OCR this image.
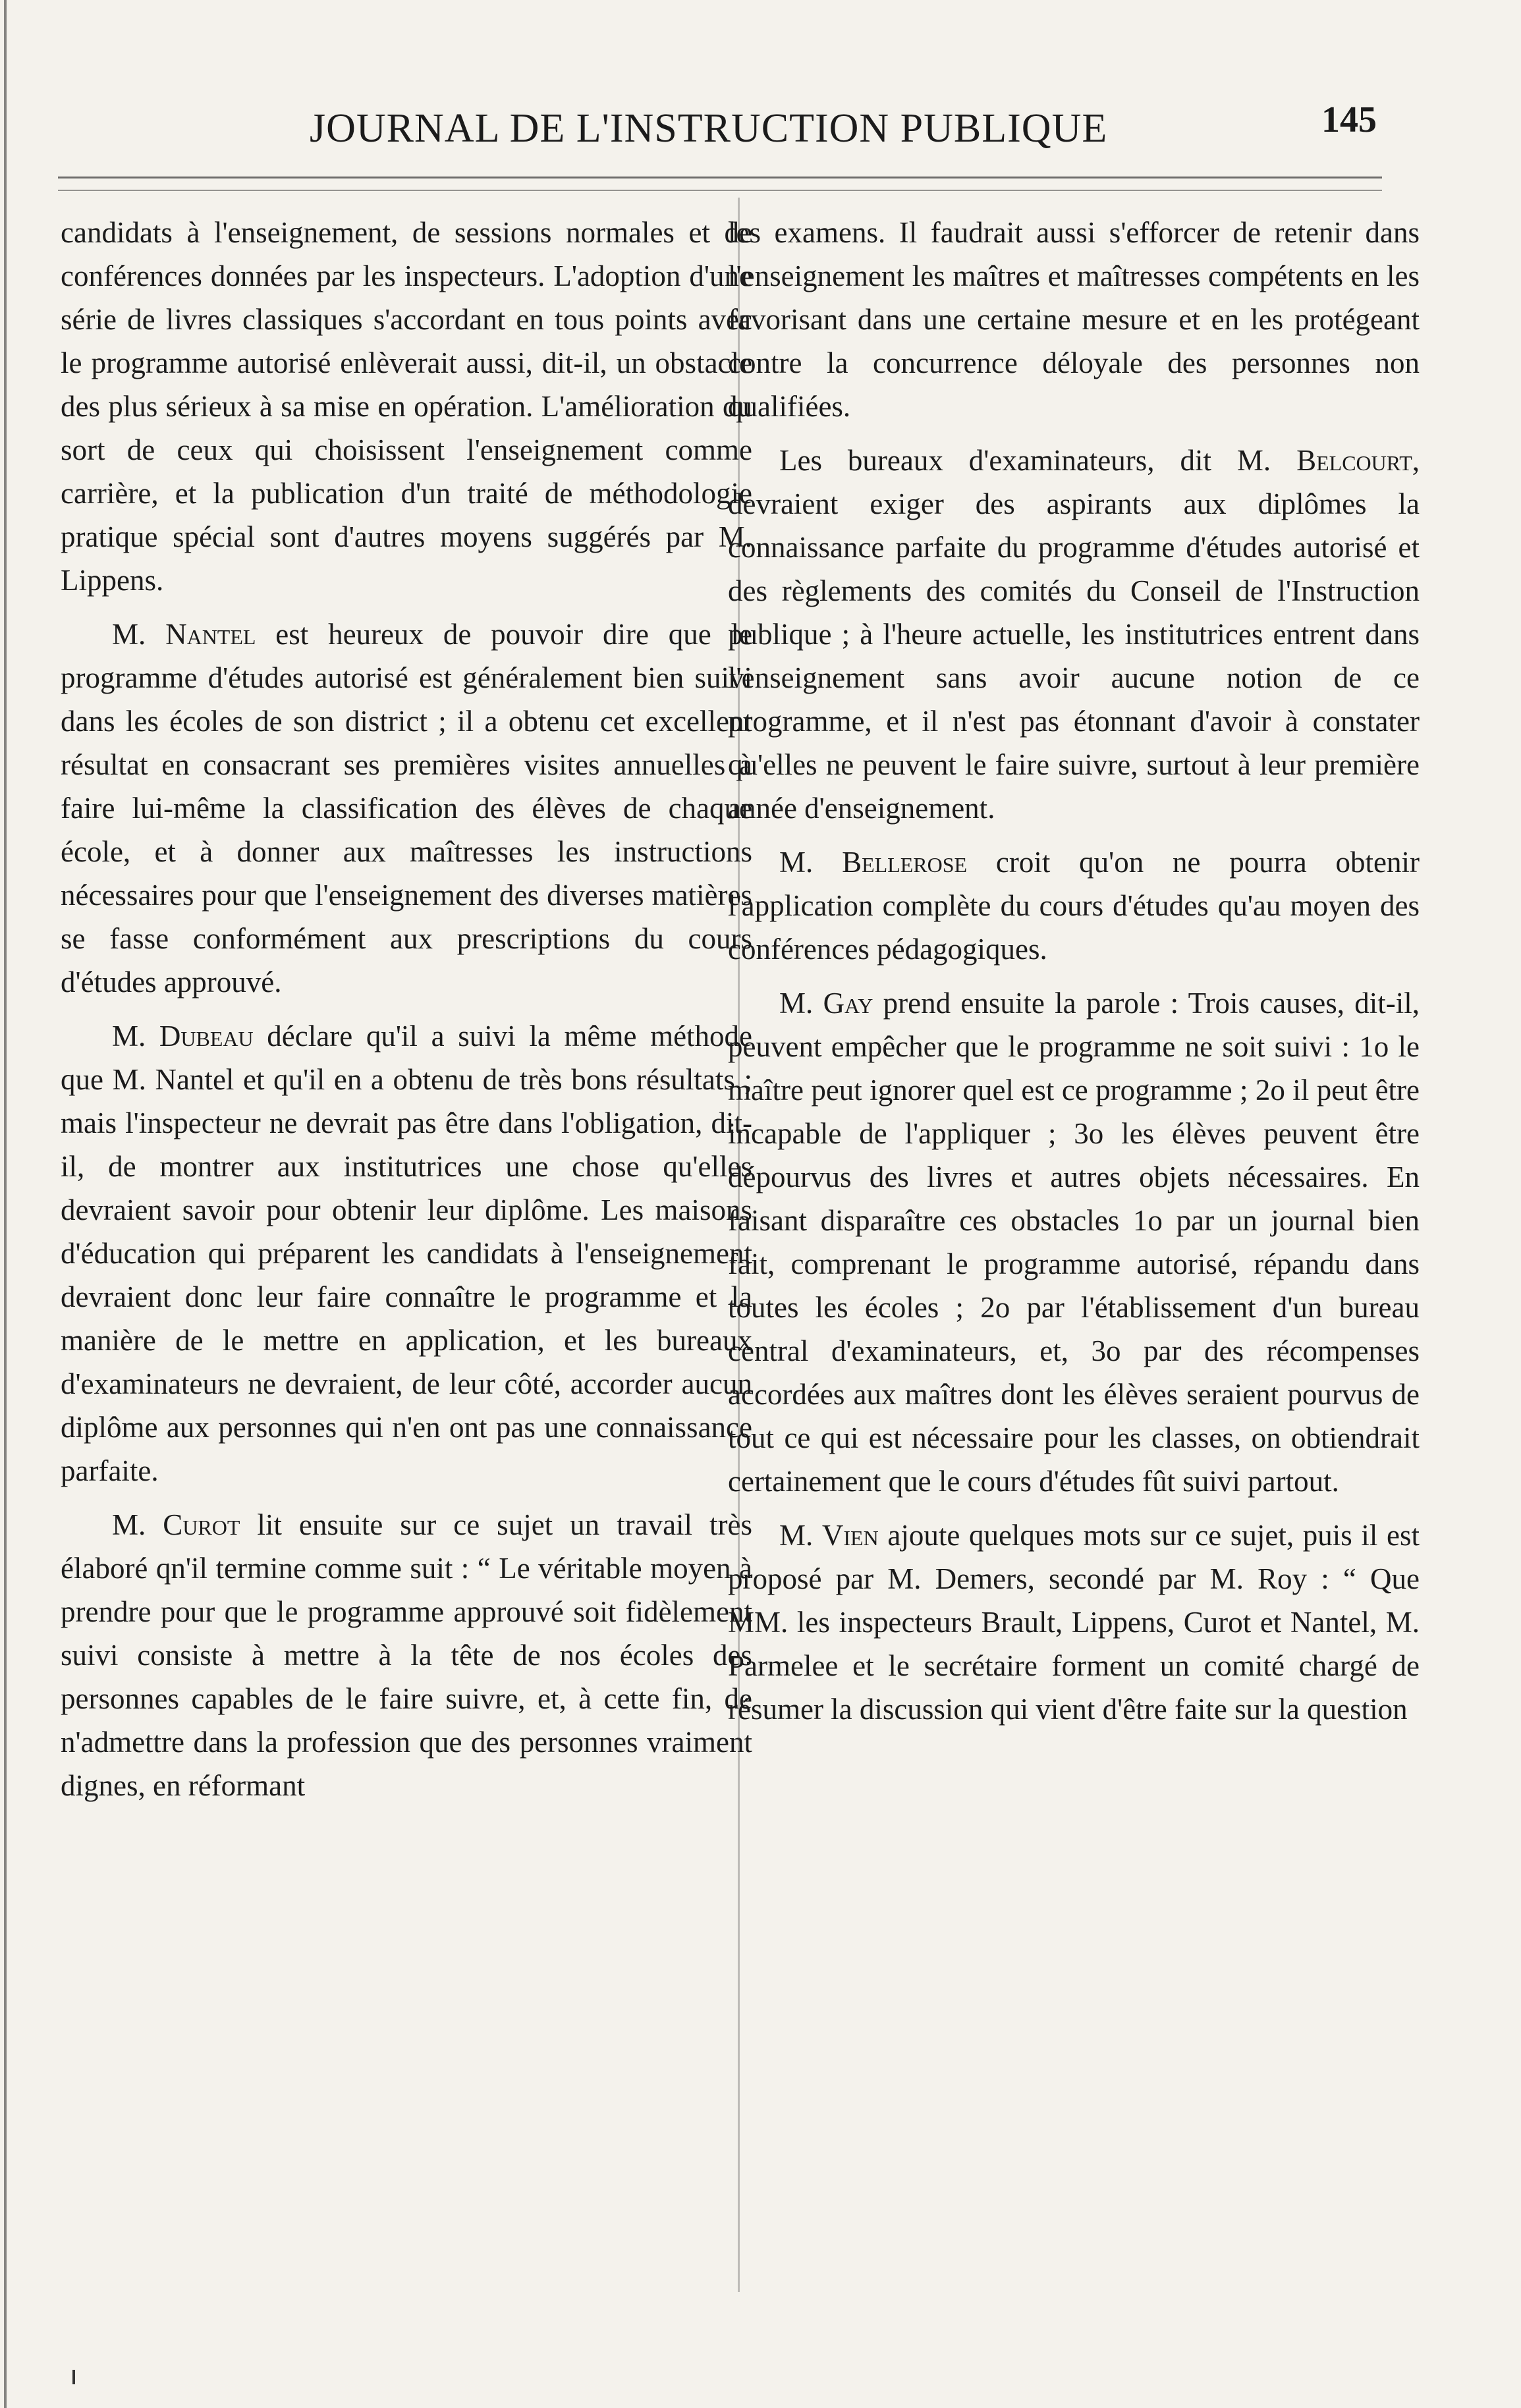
JOURNAL DE L'INSTRUCTION PUBLIQUE	145

candidats à l'enseignement, de sessions normales et de conférences données par les inspecteurs. L'adoption d'une série de livres classiques s'accordant en tous points avec le programme autorisé enlèverait aussi, dit-il, un obstacle des plus sérieux à sa mise en opération. L'amélioration du sort de ceux qui choisissent l'enseignement comme carrière, et la publication d'un traité de méthodologie pratique spécial sont d'autres moyens suggérés par M. Lippens.

M. Nantel est heureux de pouvoir dire que le programme d'études autorisé est généralement bien suivi dans les écoles de son district ; il a obtenu cet excellent résultat en consacrant ses premières visites annuelles à faire lui-même la classification des élèves de chaque école, et à donner aux maîtresses les instructions nécessaires pour que l'enseignement des diverses matières se fasse conformément aux prescriptions du cours d'études approuvé.

M. Dubeau déclare qu'il a suivi la même méthode que M. Nantel et qu'il en a obtenu de très bons résultats ; mais l'inspecteur ne devrait pas être dans l'obligation, dit-il, de montrer aux institutrices une chose qu'elles devraient savoir pour obtenir leur diplôme. Les maisons d'éducation qui préparent les candidats à l'enseignement devraient donc leur faire connaître le programme et la manière de le mettre en application, et les bureaux d'examinateurs ne devraient, de leur côté, accorder aucun diplôme aux personnes qui n'en ont pas une connaissance parfaite.

M. Curot lit ensuite sur ce sujet un travail très élaboré qn'il termine comme suit : “ Le véritable moyen à prendre pour que le programme approuvé soit fidèlement suivi consiste à mettre à la tête de nos écoles des personnes capables de le faire suivre, et, à cette fin, de n'admettre dans la profession que des personnes vraiment dignes, en réformant

les examens. Il faudrait aussi s'efforcer de retenir dans l'enseignement les maîtres et maîtresses compétents en les favorisant dans une certaine mesure et en les protégeant contre la concurrence déloyale des personnes non qualifiées.

Les bureaux d'examinateurs, dit M. Belcourt, devraient exiger des aspirants aux diplômes la connaissance parfaite du programme d'études autorisé et des règlements des comités du Conseil de l'Instruction publique ; à l'heure actuelle, les institutrices entrent dans l'enseignement sans avoir aucune notion de ce programme, et il n'est pas étonnant d'avoir à constater qu'elles ne peuvent le faire suivre, surtout à leur première année d'enseignement.

M. Bellerose croit qu'on ne pourra obtenir l'application complète du cours d'études qu'au moyen des conférences pédagogiques.

M. Gay prend ensuite la parole : Trois causes, dit-il, peuvent empêcher que le programme ne soit suivi : 1o le maître peut ignorer quel est ce programme ; 2o il peut être incapable de l'appliquer ; 3o les élèves peuvent être dépourvus des livres et autres objets nécessaires. En faisant disparaître ces obstacles 1o par un journal bien fait, comprenant le programme autorisé, répandu dans toutes les écoles ; 2o par l'établissement d'un bureau central d'examinateurs, et, 3o par des récompenses accordées aux maîtres dont les élèves seraient pourvus de tout ce qui est nécessaire pour les classes, on obtiendrait certainement que le cours d'études fût suivi partout.

M. Vien ajoute quelques mots sur ce sujet, puis il est proposé par M. Demers, secondé par M. Roy : “ Que MM. les inspecteurs Brault, Lippens, Curot et Nantel, M. Parmelee et le secrétaire forment un comité chargé de résumer la discussion qui vient d'être faite sur la question
